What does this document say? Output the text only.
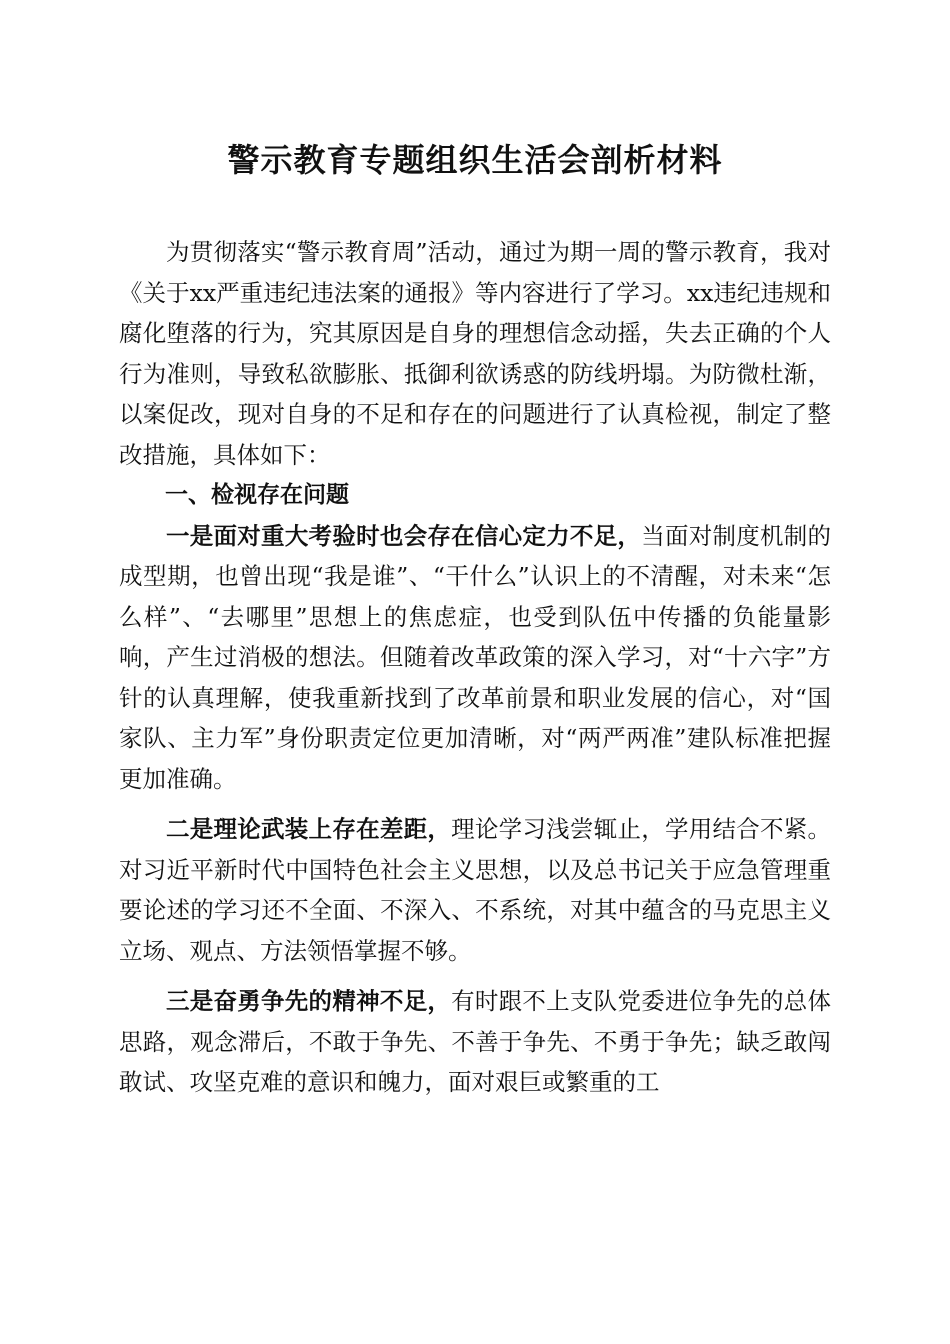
警示教育专题组织生活会剖析材料

为贯彻落实“警示教育周”活动，通过为期一周的警示教育，我对《关于xx严重违纪违法案的通报》等内容进行了学习。xx违纪违规和腐化堕落的行为，究其原因是自身的理想信念动摇，失去正确的个人行为准则，导致私欲膨胀、抵御利欲诱惑的防线坍塌。为防微杜渐，以案促改，现对自身的不足和存在的问题进行了认真检视，制定了整改措施，具体如下：

一、检视存在问题

一是面对重大考验时也会存在信心定力不足，当面对制度机制的成型期，也曾出现“我是谁”、“干什么”认识上的不清醒，对未来“怎么样”、“去哪里”思想上的焦虑症，也受到队伍中传播的负能量影响，产生过消极的想法。但随着改革政策的深入学习，对“十六字”方针的认真理解，使我重新找到了改革前景和职业发展的信心，对“国家队、主力军”身份职责定位更加清晰，对“两严两准”建队标准把握更加准确。

二是理论武装上存在差距，理论学习浅尝辄止，学用结合不紧。对习近平新时代中国特色社会主义思想，以及总书记关于应急管理重要论述的学习还不全面、不深入、不系统，对其中蕴含的马克思主义立场、观点、方法领悟掌握不够。

三是奋勇争先的精神不足，有时跟不上支队党委进位争先的总体思路，观念滞后，不敢于争先、不善于争先、不勇于争先；缺乏敢闯敢试、攻坚克难的意识和魄力，面对艰巨或繁重的工
